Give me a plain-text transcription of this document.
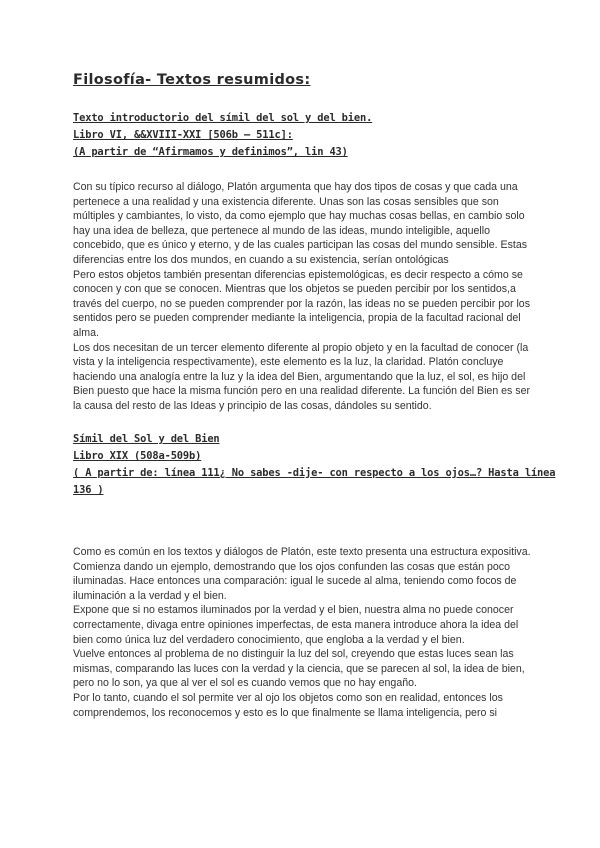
Filosofía- Textos resumidos:
Texto introductorio del símil del sol y del bien.
Libro VI, &&XVIII-XXI [506b – 511c]:
(A partir de “Afirmamos y definimos”, lin 43)

Con su típico recurso al diálogo, Platón argumenta que hay dos tipos de cosas y que cada una pertenece a una realidad y una existencia diferente. Unas son las cosas sensibles que son múltiples y cambiantes, lo visto, da como ejemplo que hay muchas cosas bellas, en cambio solo hay una idea de belleza, que pertenece al mundo de las ideas, mundo inteligible, aquello concebido, que es único y eterno, y de las cuales participan las cosas del mundo sensible. Estas diferencias entre los dos mundos, en cuando a su existencia, serían ontológicas

Pero estos objetos también presentan diferencias epistemológicas, es decir respecto a cómo se conocen y con que se conocen. Mientras que los objetos se pueden percibir por los sentidos,a través del cuerpo, no se pueden comprender por la razón, las ideas no se pueden percibir por los sentidos pero se pueden comprender mediante la inteligencia, propia de la facultad racional del alma.

Los dos necesitan de un tercer elemento diferente al propio objeto y en la facultad de conocer (la vista y la inteligencia respectivamente), este elemento es la luz, la claridad. Platón concluye haciendo una analogía entre la luz y la idea del Bien, argumentando que la luz, el sol, es hijo del Bien puesto que hace la misma función pero en una realidad diferente. La función del Bien es ser la causa del resto de las Ideas y principio de las cosas, dándoles su sentido.

Símil del Sol y del Bien
Libro XIX (508a-509b)
( A partir de: línea 111¿ No sabes -dije- con respecto a los ojos…? Hasta línea
136 )

Como es común en los textos y diálogos de Platón, este texto presenta una estructura expositiva. Comienza dando un ejemplo, demostrando que los ojos confunden las cosas que están poco iluminadas. Hace entonces una comparación: igual le sucede al alma, teniendo como focos de iluminación a la verdad y el bien.

Expone que si no estamos iluminados por la verdad y el bien, nuestra alma no puede conocer correctamente, divaga entre opiniones imperfectas, de esta manera introduce ahora la idea del bien como única luz del verdadero conocimiento, que engloba a la verdad y el bien.

Vuelve entonces al problema de no distinguir la luz del sol, creyendo que estas luces sean las mismas, comparando las luces con la verdad y la ciencia, que se parecen al sol, la idea de bien, pero no lo son, ya que al ver el sol es cuando vemos que no hay engaño.

Por lo tanto, cuando el sol permite ver al ojo los objetos como son en realidad, entonces los comprendemos, los reconocemos y esto es lo que finalmente se llama inteligencia, pero si
